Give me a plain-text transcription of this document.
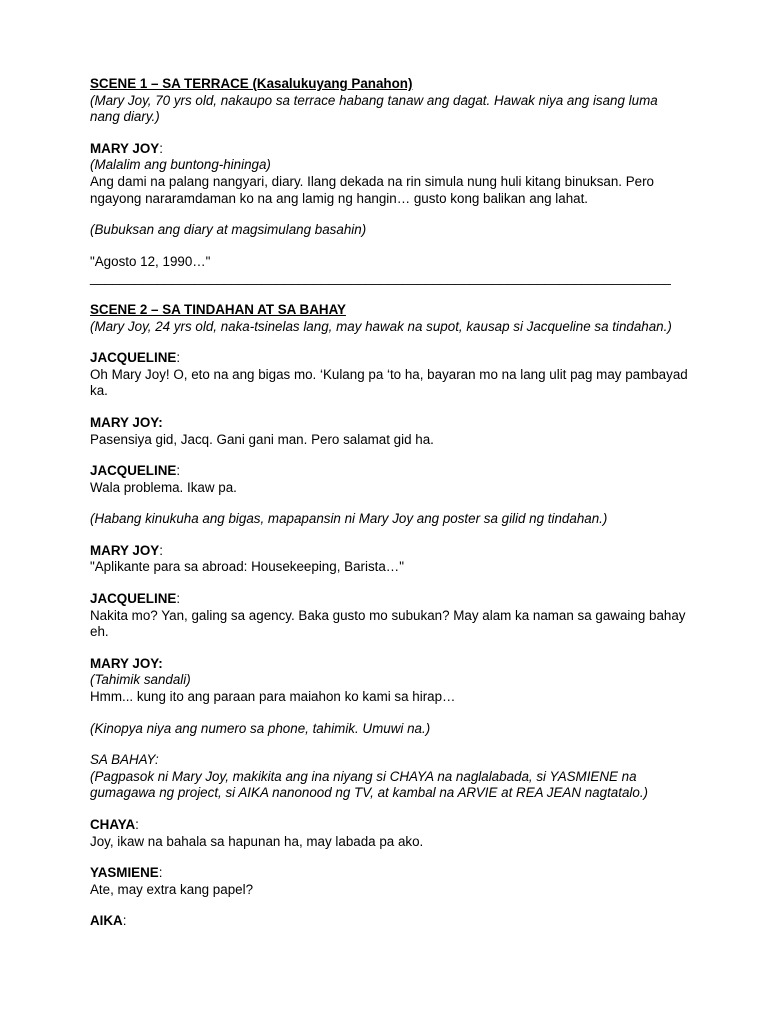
SCENE 1 – SA TERRACE (Kasalukuyang Panahon)

(Mary Joy, 70 yrs old, nakaupo sa terrace habang tanaw ang dagat. Hawak niya ang isang luma nang diary.)

MARY JOY:

(Malalim ang buntong-hininga)

Ang dami na palang nangyari, diary. Ilang dekada na rin simula nung huli kitang binuksan. Pero ngayong nararamdaman ko na ang lamig ng hangin… gusto kong balikan ang lahat.

(Bubuksan ang diary at magsimulang basahin)

"Agosto 12, 1990…"

______________________________________________________________________________

SCENE 2 – SA TINDAHAN AT SA BAHAY

(Mary Joy, 24 yrs old, naka-tsinelas lang, may hawak na supot, kausap si Jacqueline sa tindahan.)

JACQUELINE:

Oh Mary Joy! O, eto na ang bigas mo. ‘Kulang pa ‘to ha, bayaran mo na lang ulit pag may pambayad ka.

MARY JOY:

Pasensiya gid, Jacq. Gani gani man. Pero salamat gid ha.

JACQUELINE:

Wala problema. Ikaw pa.

(Habang kinukuha ang bigas, mapapansin ni Mary Joy ang poster sa gilid ng tindahan.)

MARY JOY:

"Aplikante para sa abroad: Housekeeping, Barista…"

JACQUELINE:

Nakita mo? Yan, galing sa agency. Baka gusto mo subukan? May alam ka naman sa gawaing bahay eh.

MARY JOY:

(Tahimik sandali)

Hmm... kung ito ang paraan para maiahon ko kami sa hirap…

(Kinopya niya ang numero sa phone, tahimik. Umuwi na.)

SA BAHAY:

(Pagpasok ni Mary Joy, makikita ang ina niyang si CHAYA na naglalabada, si YASMIENE na gumagawa ng project, si AIKA nanonood ng TV, at kambal na ARVIE at REA JEAN nagtatalo.)

CHAYA:

Joy, ikaw na bahala sa hapunan ha, may labada pa ako.

YASMIENE:

Ate, may extra kang papel?

AIKA:
